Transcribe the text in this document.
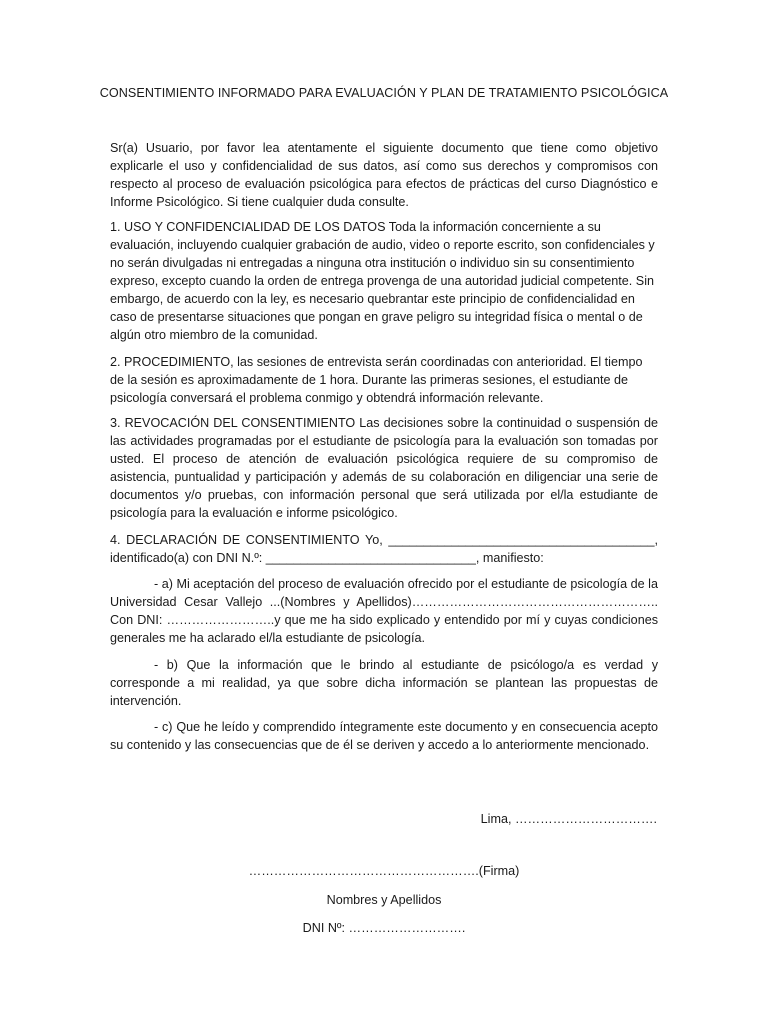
CONSENTIMIENTO INFORMADO PARA EVALUACIÓN Y PLAN DE TRATAMIENTO PSICOLÓGICA

Sr(a) Usuario, por favor lea atentamente el siguiente documento que tiene como objetivo explicarle el uso y confidencialidad de sus datos, así como sus derechos y compromisos con respecto al proceso de evaluación psicológica para efectos de prácticas del curso Diagnóstico e Informe Psicológico. Si tiene cualquier duda consulte.

1. USO Y CONFIDENCIALIDAD DE LOS DATOS Toda la información concerniente a su evaluación, incluyendo cualquier grabación de audio, video o reporte escrito, son confidenciales y no serán divulgadas ni entregadas a ninguna otra institución o individuo sin su consentimiento expreso, excepto cuando la orden de entrega provenga de una autoridad judicial competente. Sin embargo, de acuerdo con la ley, es necesario quebrantar este principio de confidencialidad en caso de presentarse situaciones que pongan en grave peligro su integridad física o mental o de algún otro miembro de la comunidad.

2. PROCEDIMIENTO, las sesiones de entrevista serán coordinadas con anterioridad. El tiempo de la sesión es aproximadamente de 1 hora. Durante las primeras sesiones, el estudiante de psicología conversará el problema conmigo y obtendrá información relevante.

3. REVOCACIÓN DEL CONSENTIMIENTO Las decisiones sobre la continuidad o suspensión de las actividades programadas por el estudiante de psicología para la evaluación son tomadas por usted. El proceso de atención de evaluación psicológica requiere de su compromiso de asistencia, puntualidad y participación y además de su colaboración en diligenciar una serie de documentos y/o pruebas, con información personal que será utilizada por el/la estudiante de psicología para la evaluación e informe psicológico.

4. DECLARACIÓN DE CONSENTIMIENTO Yo, ______________________________________, identificado(a) con DNI N.º: ______________________________, manifiesto:

- a) Mi aceptación del proceso de evaluación ofrecido por el estudiante de psicología de la Universidad Cesar Vallejo ...(Nombres y Apellidos)………………………………………………….. Con DNI: ……………………..y que me ha sido explicado y entendido por mí y cuyas condiciones generales me ha aclarado el/la estudiante de psicología.

- b) Que la información que le brindo al estudiante de psicólogo/a es verdad y corresponde a mi realidad, ya que sobre dicha información se plantean las propuestas de intervención.

- c) Que he leído y comprendido íntegramente este documento y en consecuencia acepto su contenido y las consecuencias que de él se deriven y accedo a lo anteriormente mencionado.

Lima, …………………………….
……………………………………………….(Firma)
Nombres y Apellidos
DNI Nº: ……………………….
